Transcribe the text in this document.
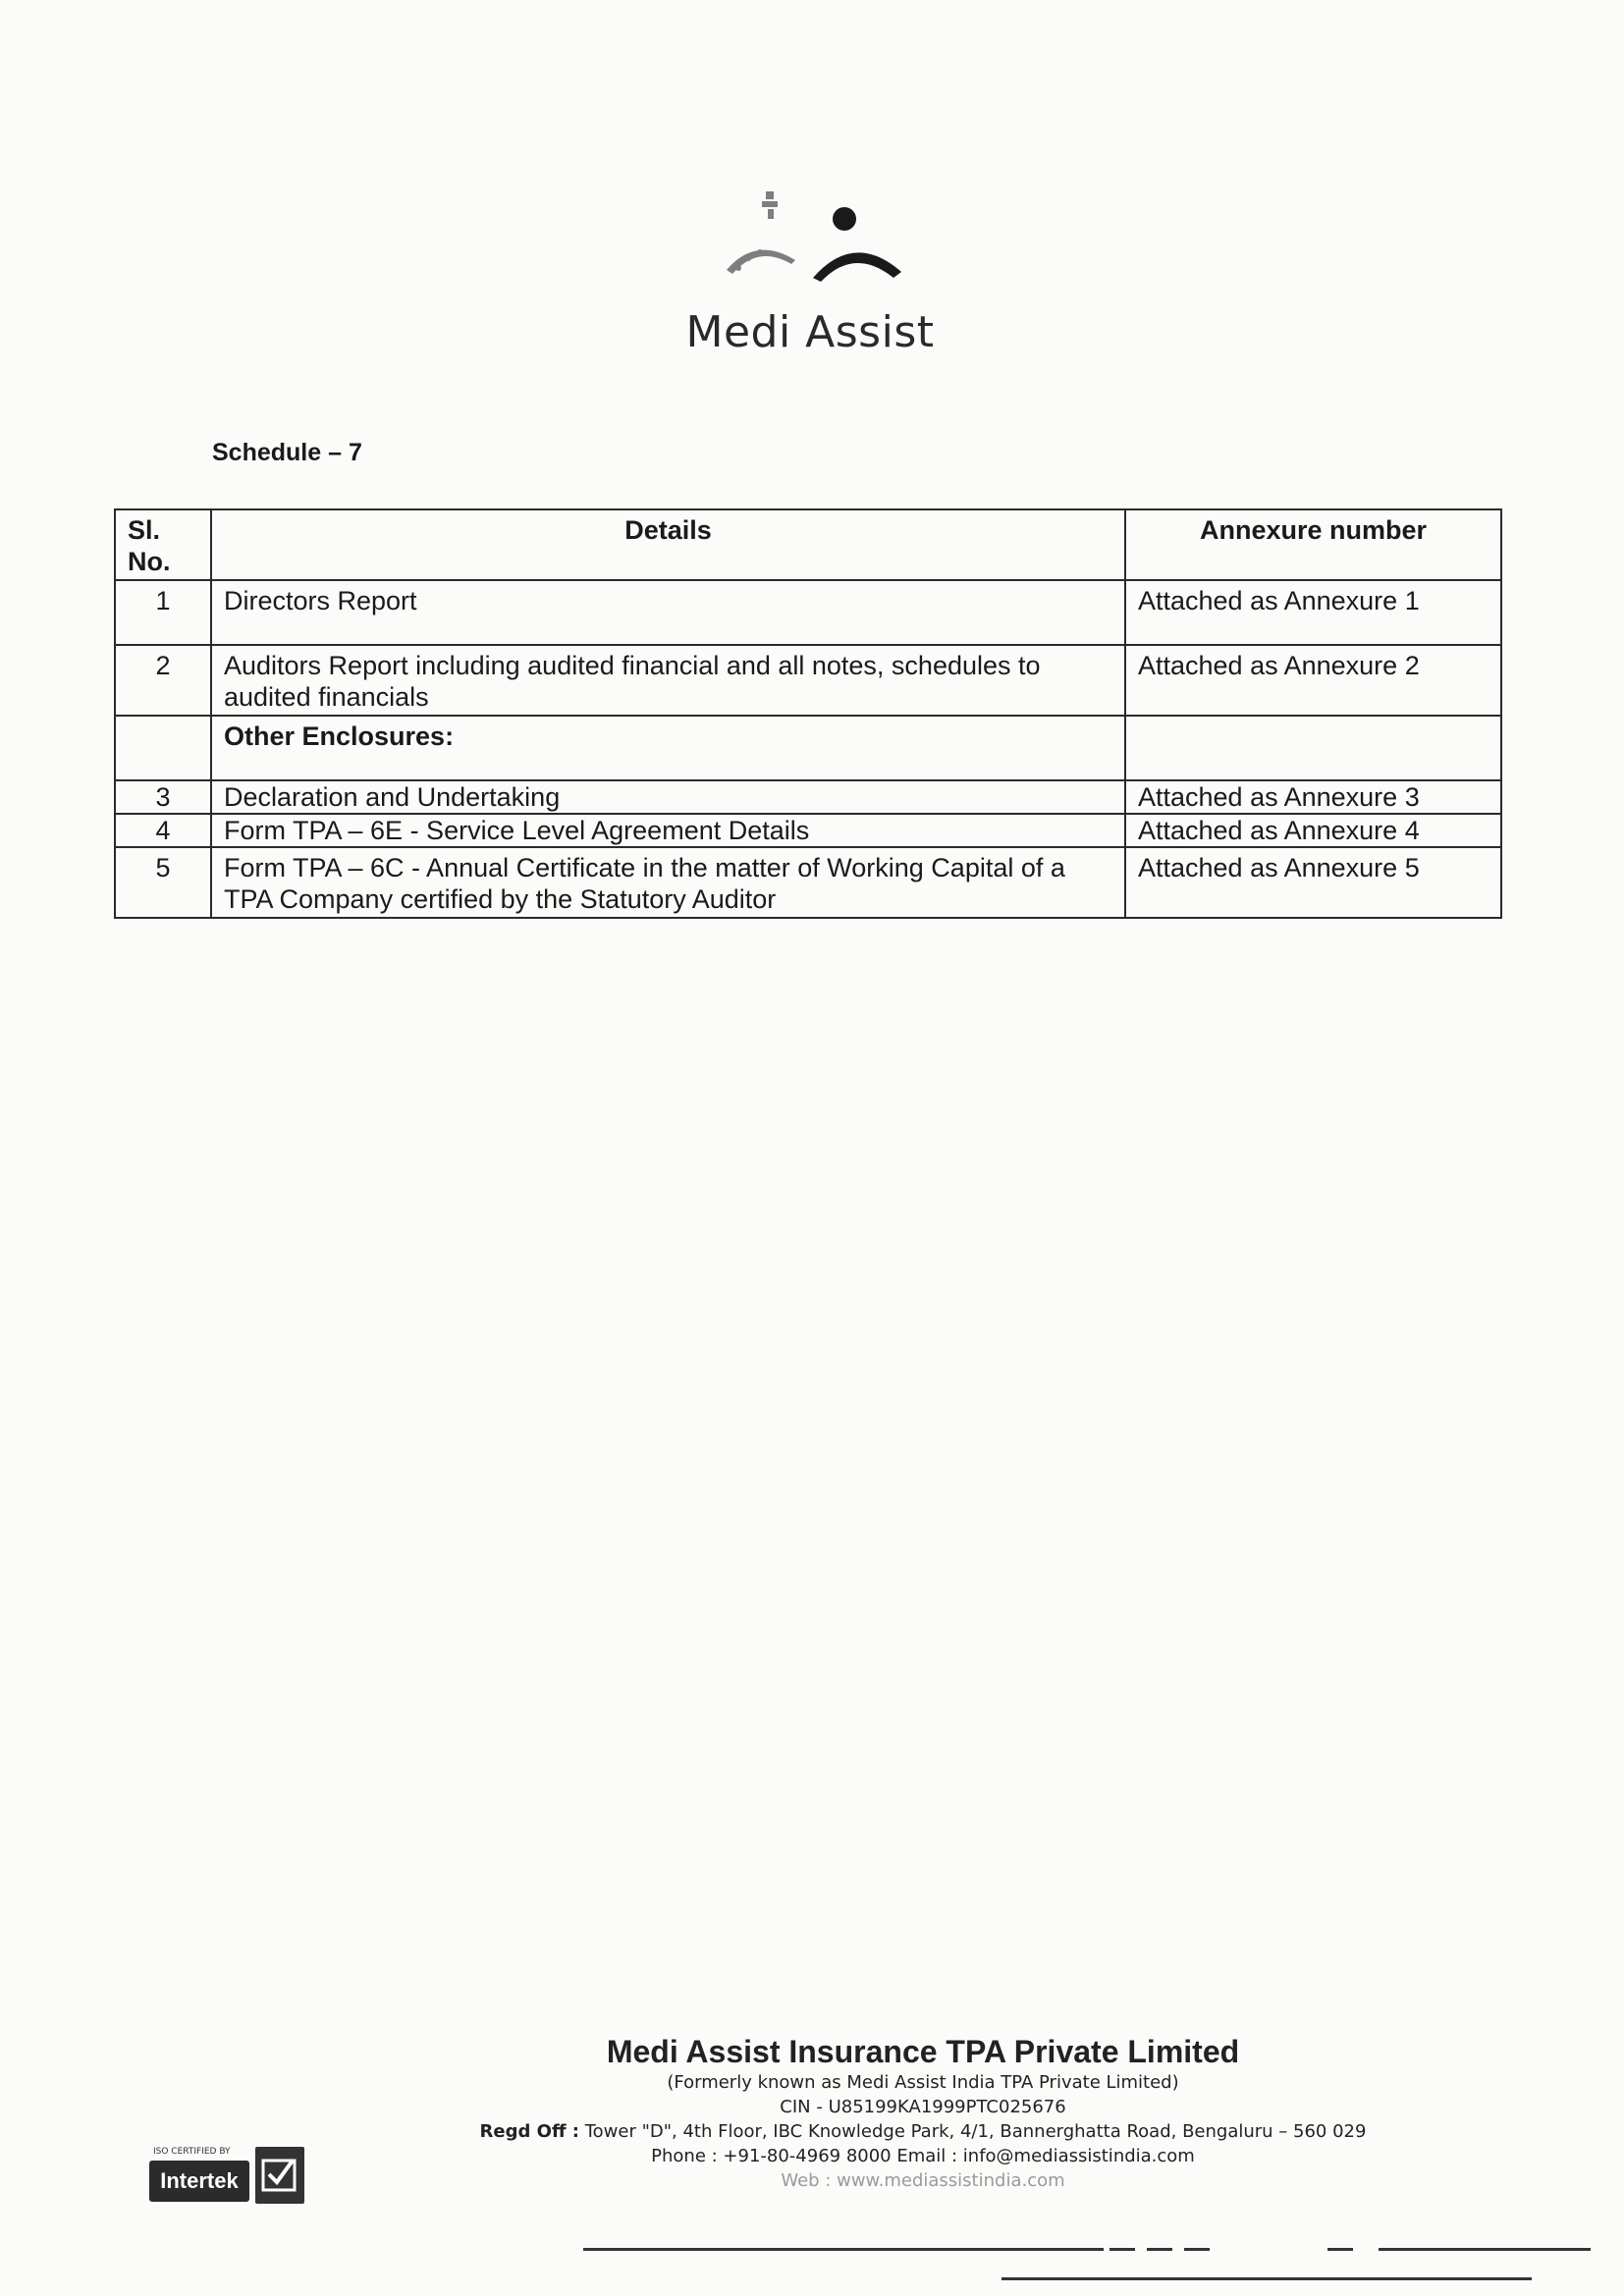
Medi Assist
Schedule – 7
Sl. No.	Details	Annexure number
1	Directors Report	Attached as Annexure 1
2	Auditors Report including audited financial and all notes, schedules to audited financials	Attached as Annexure 2
	Other Enclosures:	
3	Declaration and Undertaking	Attached as Annexure 3
4	Form TPA – 6E - Service Level Agreement Details	Attached as Annexure 4
5	Form TPA – 6C - Annual Certificate in the matter of Working Capital of a TPA Company certified by the Statutory Auditor	Attached as Annexure 5
Medi Assist Insurance TPA Private Limited
(Formerly known as Medi Assist India TPA Private Limited)
CIN - U85199KA1999PTC025676
Regd Off : Tower "D", 4th Floor, IBC Knowledge Park, 4/1, Bannerghatta Road, Bengaluru – 560 029
Phone : +91-80-4969 8000 Email : info@mediassistindia.com
Web : www.mediassistindia.com
ISO CERTIFIED BY
Intertek
